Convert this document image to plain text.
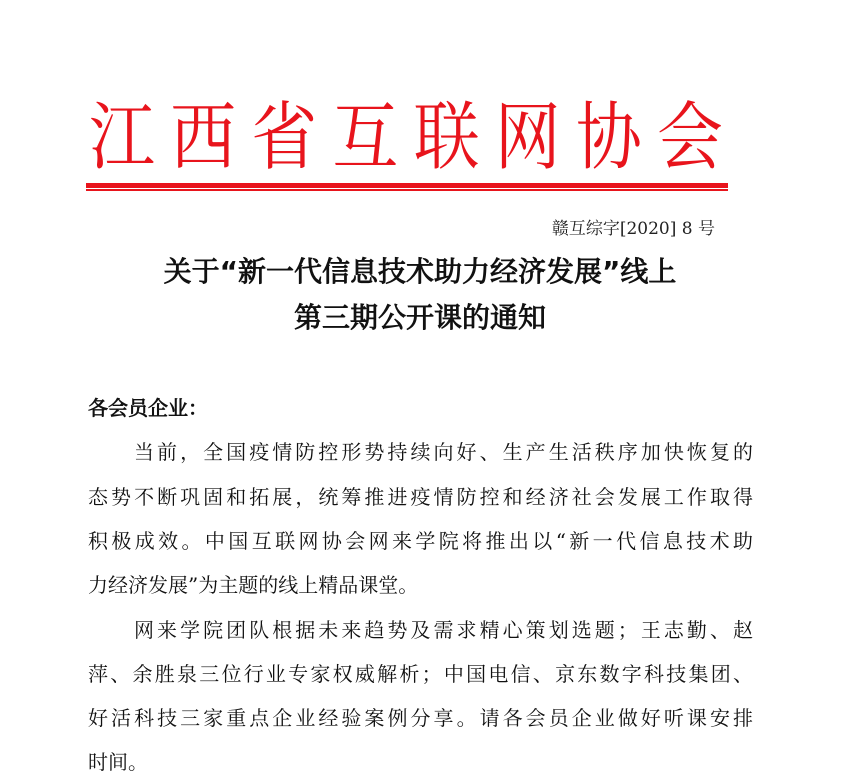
江 西 省 互 联 网 协 会
赣互综字[2020] 8 号
关于“新一代信息技术助力经济发展”线上
第三期公开课的通知
各会员企业：
当前，全国疫情防控形势持续向好、生产生活秩序加快恢复的
态势不断巩固和拓展，统筹推进疫情防控和经济社会发展工作取得
积极成效。中国互联网协会网来学院将推出以“新一代信息技术助
力经济发展”为主题的线上精品课堂。
网来学院团队根据未来趋势及需求精心策划选题；王志勤、赵
萍、余胜泉三位行业专家权威解析；中国电信、京东数字科技集团、
好活科技三家重点企业经验案例分享。请各会员企业做好听课安排
时间。
